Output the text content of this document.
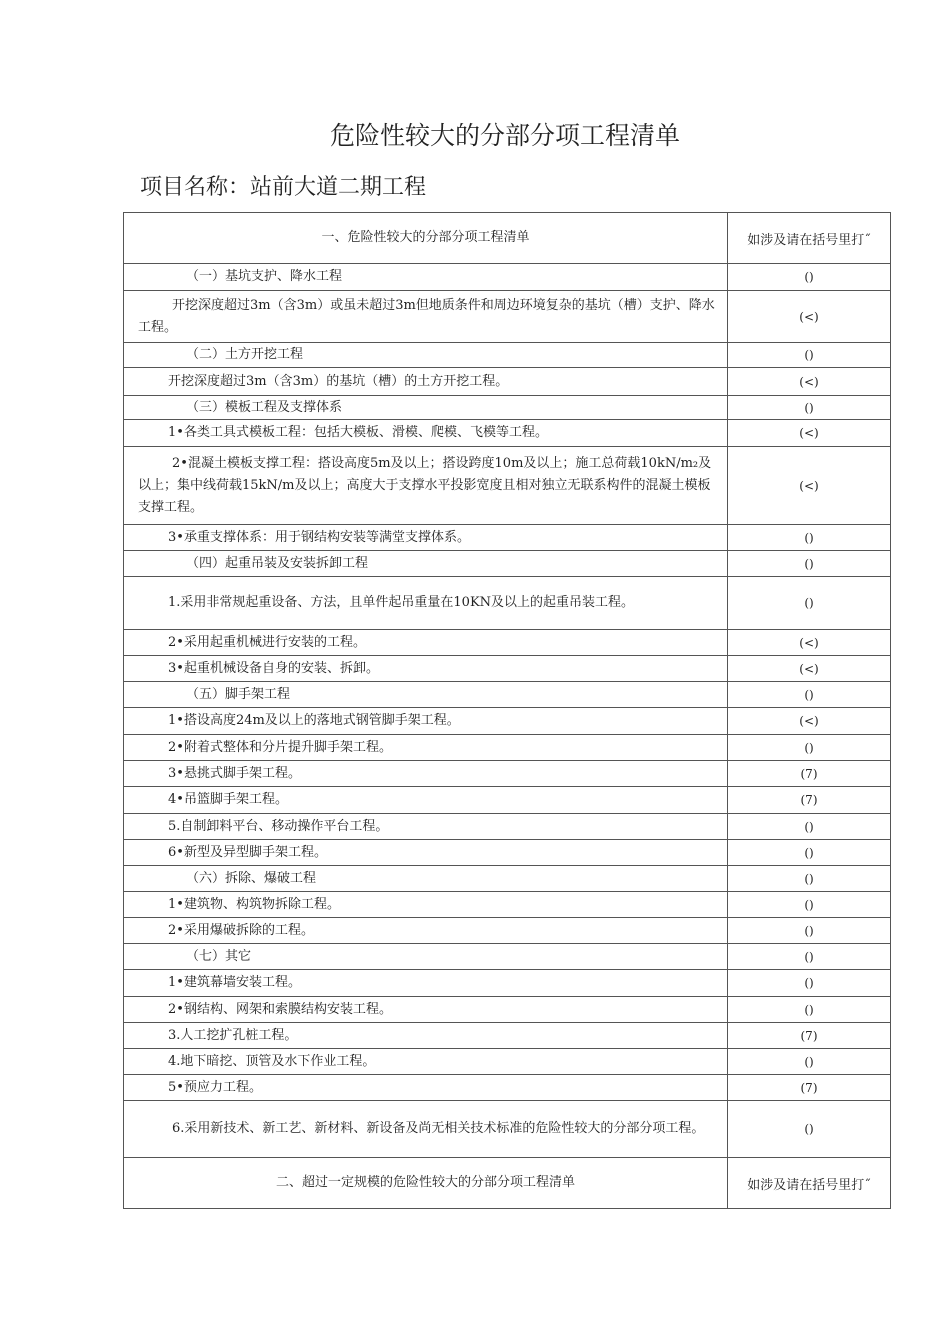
危险性较大的分部分项工程清单
项目名称：站前大道二期工程
一、危险性较大的分部分项工程清单	如涉及请在括号里打˝
（一）基坑支护、降水工程	()
开挖深度超过3m（含3m）或虽未超过3m但地质条件和周边环境复杂的基坑（槽）支护、降水工程。	(<)
（二）土方开挖工程	()
开挖深度超过3m（含3m）的基坑（槽）的土方开挖工程。	(<)
（三）模板工程及支撑体系	()
1•各类工具式模板工程：包括大模板、滑模、爬模、飞模等工程。	(<)
2•混凝土模板支撑工程：搭设高度5m及以上；搭设跨度10m及以上；施工总荷载10kN/m₂及以上；集中线荷载15kN/m及以上；高度大于支撑水平投影宽度且相对独立无联系构件的混凝土模板支撑工程。	(<)
3•承重支撑体系：用于钢结构安装等满堂支撑体系。	()
（四）起重吊装及安装拆卸工程	()
1.采用非常规起重设备、方法，且单件起吊重量在10KN及以上的起重吊装工程。	()
2•采用起重机械进行安装的工程。	(<)
3•起重机械设备自身的安装、拆卸。	(<)
（五）脚手架工程	()
1•搭设高度24m及以上的落地式钢管脚手架工程。	(<)
2•附着式整体和分片提升脚手架工程。	()
3•悬挑式脚手架工程。	(7)
4•吊篮脚手架工程。	(7)
5.自制卸料平台、移动操作平台工程。	()
6•新型及异型脚手架工程。	()
（六）拆除、爆破工程	()
1•建筑物、构筑物拆除工程。	()
2•采用爆破拆除的工程。	()
（七）其它	()
1•建筑幕墙安装工程。	()
2•钢结构、网架和索膜结构安装工程。	()
3.人工挖扩孔桩工程。	(7)
4.地下暗挖、顶管及水下作业工程。	()
5•预应力工程。	(7)
6.采用新技术、新工艺、新材料、新设备及尚无相关技术标准的危险性较大的分部分项工程。	()
二、超过一定规模的危险性较大的分部分项工程清单	如涉及请在括号里打˝
